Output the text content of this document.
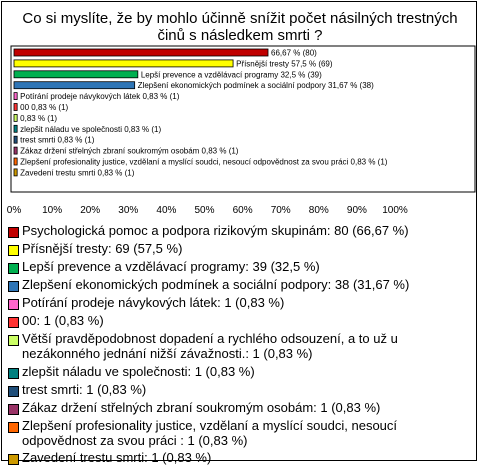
Co si myslíte, že by mohlo účinně snížit počet násilných trestných činů s následkem smrti ?
66,67 % (80)
Přísnější tresty 57,5 % (69)
Lepší prevence a vzdělávací programy 32,5 % (39)
Zlepšení ekonomických podmínek a sociální podpory 31,67 % (38)
Potírání prodeje návykových látek 0,83 % (1)
00 0,83 % (1)
0,83 % (1)
zlepšit náladu ve společnosti 0,83 % (1)
trest smrti 0,83 % (1)
Zákaz držení střelných zbraní soukromým osobám 0,83 % (1)
Zlepšení profesionality justice, vzdělaní a myslící soudci, nesoucí odpovědnost za svou práci 0,83 % (1)
Zavedení trestu smrti 0,83 % (1)
0% 10% 20% 30% 40% 50% 60% 70% 80% 90% 100%
Psychologická pomoc a podpora rizikovým skupinám: 80 (66,67 %)
Přísnější tresty: 69 (57,5 %)
Lepší prevence a vzdělávací programy: 39 (32,5 %)
Zlepšení ekonomických podmínek a sociální podpory: 38 (31,67 %)
Potírání prodeje návykových látek: 1 (0,83 %)
00: 1 (0,83 %)
Větší pravděpodobnost dopadení a rychlého odsouzení, a to už u nezákonného jednání nižší závažnosti.: 1 (0,83 %)
zlepšit náladu ve společnosti: 1 (0,83 %)
trest smrti: 1 (0,83 %)
Zákaz držení střelných zbraní soukromým osobám: 1 (0,83 %)
Zlepšení profesionality justice, vzdělaní a myslící soudci, nesoucí odpovědnost za svou práci : 1 (0,83 %)
Zavedení trestu smrti: 1 (0,83 %)
